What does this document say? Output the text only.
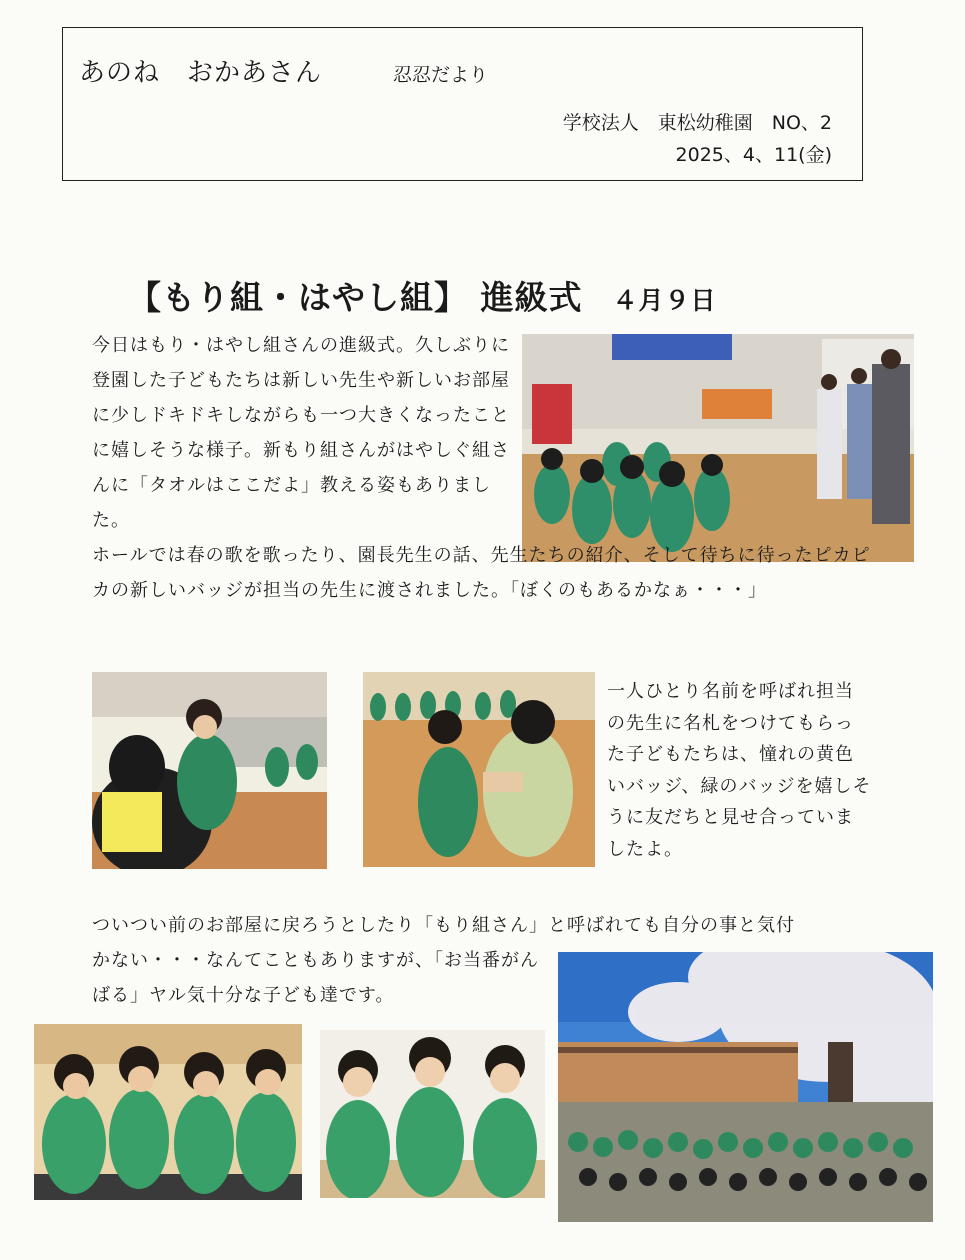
あのね　おかあさん	忍忍だより
学校法人　東松幼稚園　NO、2
2025、4、11(金)
【もり組・はやし組】 進級式 ４月９日

今日はもり・はやし組さんの進級式。久しぶりに登園した子どもたちは新しい先生や新しいお部屋に少しドキドキしながらも一つ大きくなったことに嬉しそうな様子。新もり組さんがはやしぐ組さんに「タオルはここだよ」教える姿もありました。

ホールでは春の歌を歌ったり、園長先生の話、先生たちの紹介、そして待ちに待ったピカピカの新しいバッジが担当の先生に渡されました。「ぼくのもあるかなぁ・・・」

一人ひとり名前を呼ばれ担当の先生に名札をつけてもらった子どもたちは、憧れの黄色いバッジ、緑のバッジを嬉しそうに友だちと見せ合っていましたよ。

ついつい前のお部屋に戻ろうとしたり「もり組さん」と呼ばれても自分の事と気付

かない・・・なんてこともありますが、「お当番がんばる」ヤル気十分な子ども達です。
